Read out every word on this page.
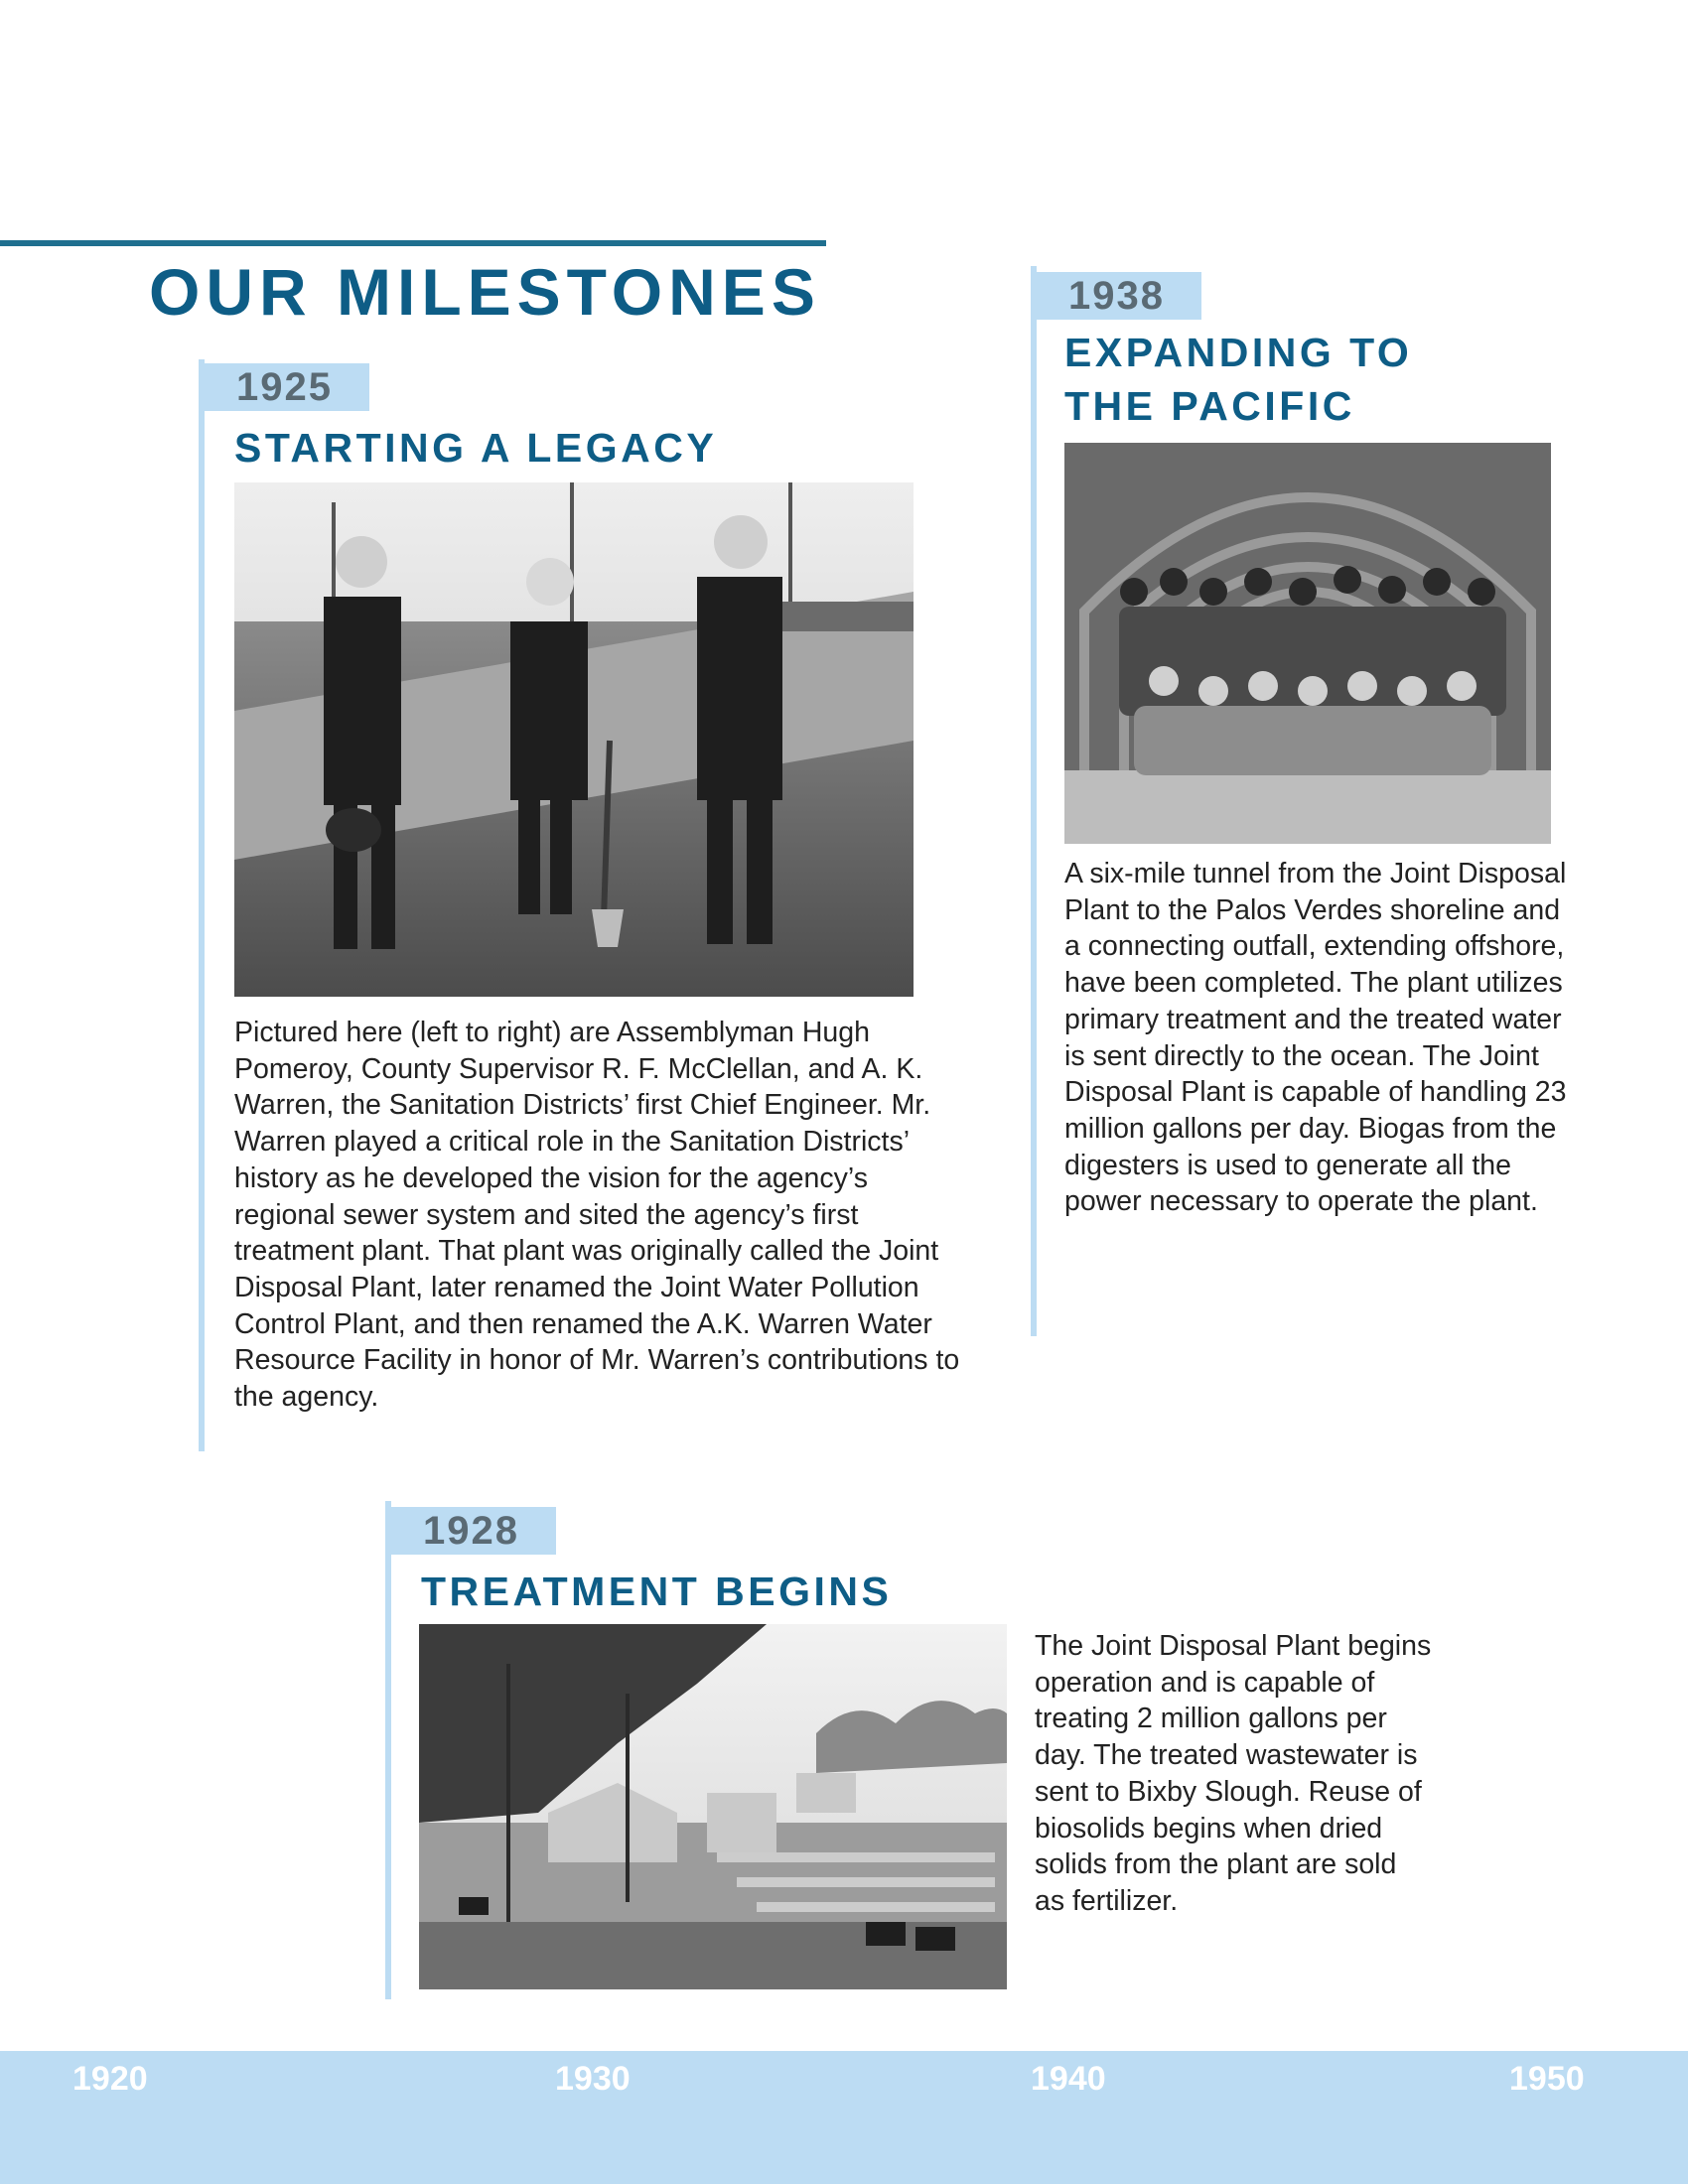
OUR MILESTONES
1925
STARTING A LEGACY

Pictured here (left to right) are Assemblyman Hugh Pomeroy, County Supervisor R. F. McClellan, and A. K. Warren, the Sanitation Districts’ first Chief Engineer. Mr. Warren played a critical role in the Sanitation Districts’ history as he developed the vision for the agency’s regional sewer system and sited the agency’s first treatment plant. That plant was originally called the Joint Disposal Plant, later renamed the Joint Water Pollution Control Plant, and then renamed the A.K. Warren Water Resource Facility in honor of Mr. Warren’s contributions to the agency.

1938
EXPANDING TO
THE PACIFIC

A six-mile tunnel from the Joint Disposal Plant to the Palos Verdes shoreline and a connecting outfall, extending offshore, have been completed. The plant utilizes primary treatment and the treated water is sent directly to the ocean. The Joint Disposal Plant is capable of handling 23 million gallons per day. Biogas from the digesters is used to generate all the power necessary to operate the plant.

1928
TREATMENT BEGINS

The Joint Disposal Plant begins operation and is capable of treating 2 million gallons per day. The treated wastewater is sent to Bixby Slough. Reuse of biosolids begins when dried solids from the plant are sold as fertilizer.

1920	1930	1940	1950
